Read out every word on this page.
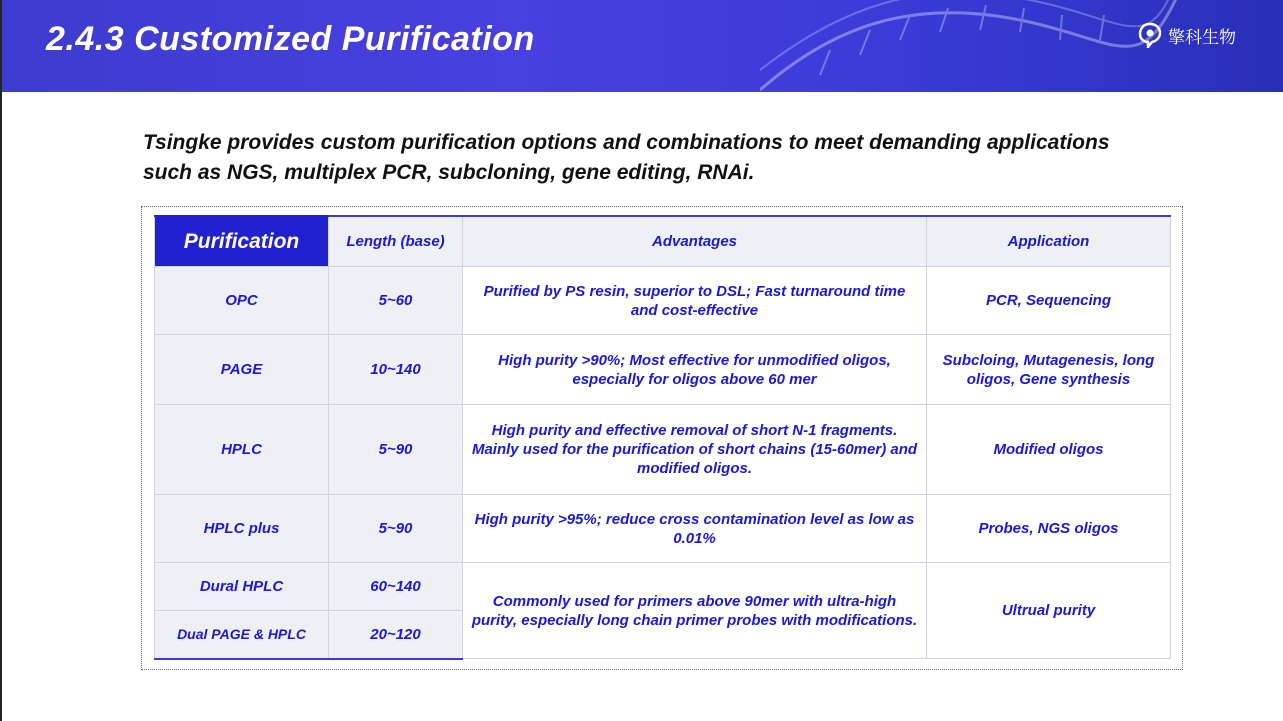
2.4.3 Customized Purification	擎科生物
Tsingke provides custom purification options and combinations to meet demanding applications such as NGS, multiplex PCR, subcloning, gene editing, RNAi.
Purification	Length (base)	Advantages	Application
OPC	5~60	Purified by PS resin, superior to DSL; Fast turnaround time and cost-effective	PCR, Sequencing
PAGE	10~140	High purity >90%; Most effective for unmodified oligos, especially for oligos above 60 mer	Subcloing, Mutagenesis, long oligos, Gene synthesis
HPLC	5~90	High purity and effective removal of short N-1 fragments. Mainly used for the purification of short chains (15-60mer) and modified oligos.	Modified oligos
HPLC plus	5~90	High purity >95%; reduce cross contamination level as low as 0.01%	Probes, NGS oligos
Dural HPLC	60~140	Commonly used for primers above 90mer with ultra-high purity, especially long chain primer probes with modifications.	Ultrual purity
Dual PAGE & HPLC	20~120		
